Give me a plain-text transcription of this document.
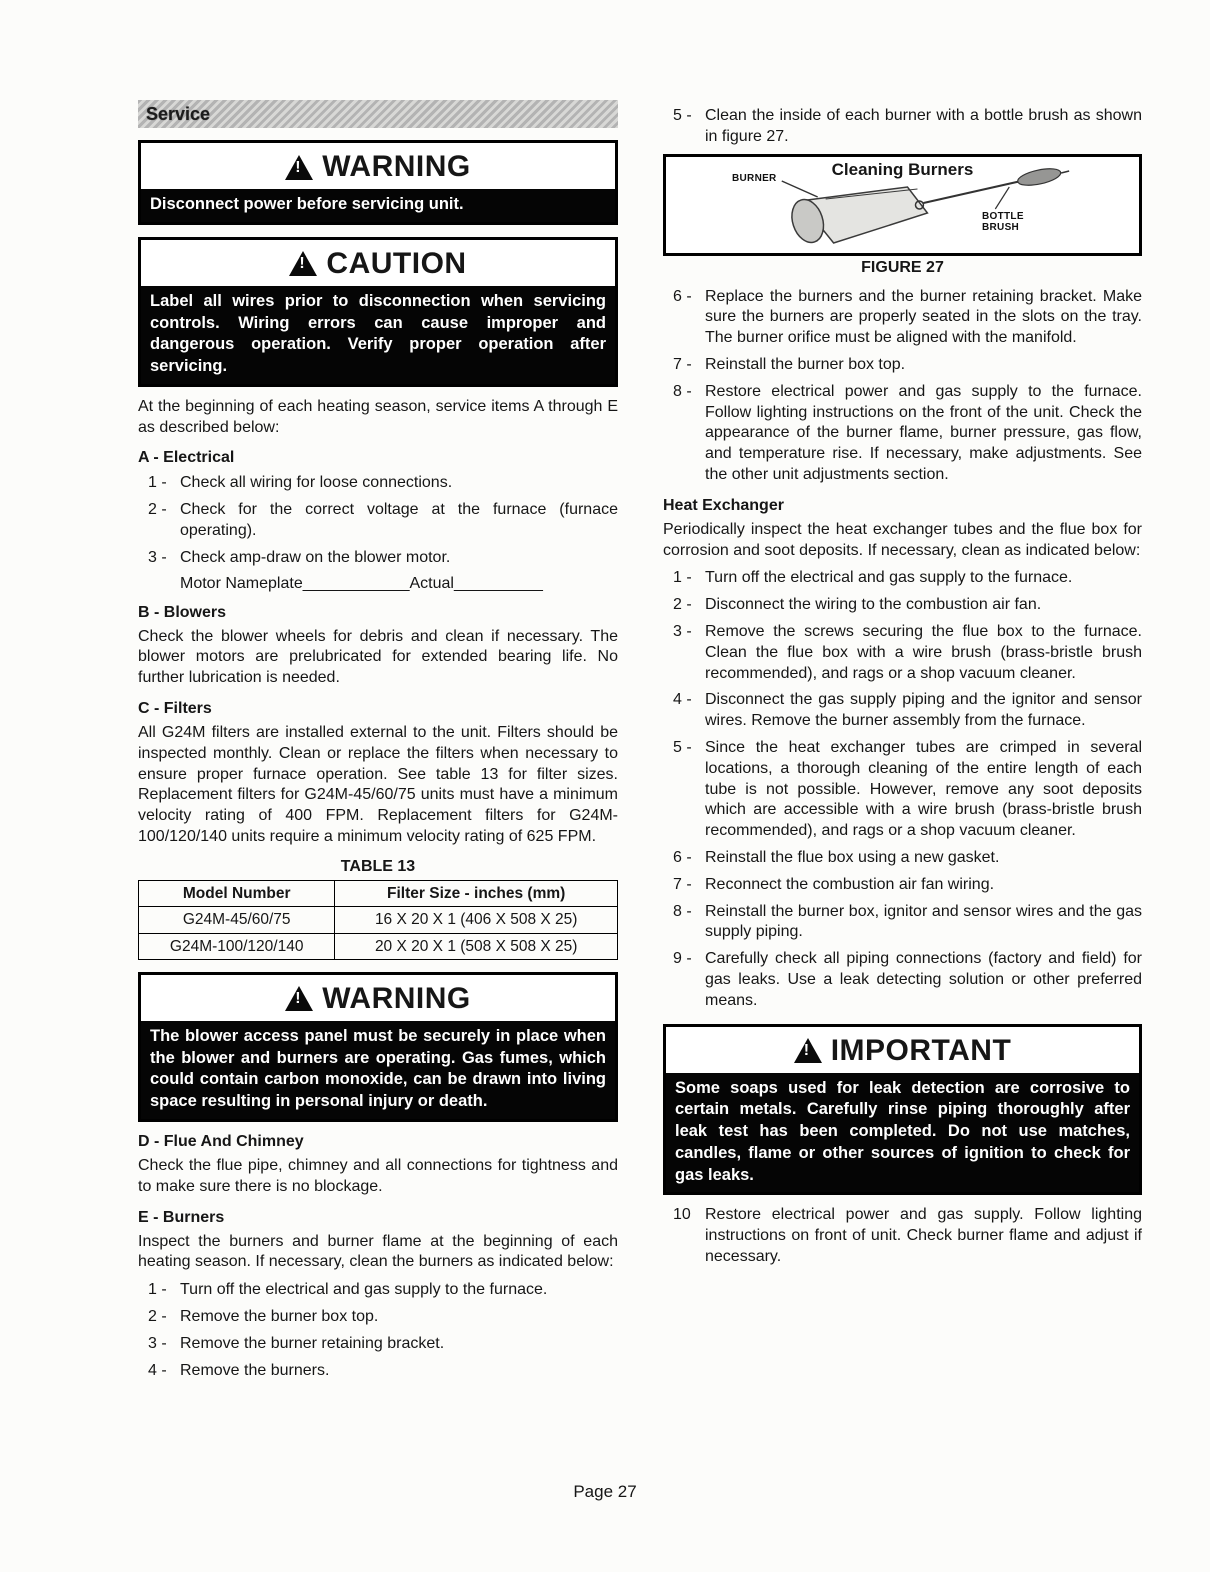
Service
!
WARNING
Disconnect power before servicing unit.
!
CAUTION
Label all wires prior to disconnection when servicing controls. Wiring errors can cause improper and dangerous operation. Verify proper operation after servicing.

At the beginning of each heating season, service items A through E as described below:

A - Electrical
1 - Check all wiring for loose connections.
2 - Check for the correct voltage at the furnace (furnace operating).
3 - Check amp-draw on the blower motor.
Motor Nameplate____________Actual__________
B - Blowers

Check the blower wheels for debris and clean if necessary. The blower motors are prelubricated for extended bearing life. No further lubrication is needed.

C - Filters

All G24M filters are installed external to the unit. Filters should be inspected monthly. Clean or replace the filters when necessary to ensure proper furnace operation. See table 13 for filter sizes. Replacement filters for G24M-45/60/75 units must have a minimum velocity rating of 400 FPM. Replacement filters for G24M-100/120/140 units require a minimum velocity rating of 625 FPM.

TABLE 13
Model Number	Filter Size - inches (mm)
G24M-45/60/75	16 X 20 X 1 (406 X 508 X 25)
G24M-100/120/140	20 X 20 X 1 (508 X 508 X 25)
!
WARNING
The blower access panel must be securely in place when the blower and burners are operating. Gas fumes, which could contain carbon monoxide, can be drawn into living space resulting in personal injury or death.
D - Flue And Chimney

Check the flue pipe, chimney and all connections for tightness and to make sure there is no blockage.

E - Burners

Inspect the burners and burner flame at the beginning of each heating season. If necessary, clean the burners as indicated below:

1 - Turn off the electrical and gas supply to the furnace.
2 - Remove the burner box top.
3 - Remove the burner retaining bracket.
4 - Remove the burners.
5 - Clean the inside of each burner with a bottle brush as shown in figure 27.
Cleaning Burners
BURNER
BOTTLE BRUSH
FIGURE 27
6 - Replace the burners and the burner retaining bracket. Make sure the burners are properly seated in the slots on the tray. The burner orifice must be aligned with the manifold.
7 - Reinstall the burner box top.
8 - Restore electrical power and gas supply to the furnace. Follow lighting instructions on the front of the unit. Check the appearance of the burner flame, burner pressure, gas flow, and temperature rise. If necessary, make adjustments. See the other unit adjustments section.
Heat Exchanger

Periodically inspect the heat exchanger tubes and the flue box for corrosion and soot deposits. If necessary, clean as indicated below:

1 - Turn off the electrical and gas supply to the furnace.
2 - Disconnect the wiring to the combustion air fan.
3 - Remove the screws securing the flue box to the furnace. Clean the flue box with a wire brush (brass-bristle brush recommended), and rags or a shop vacuum cleaner.
4 - Disconnect the gas supply piping and the ignitor and sensor wires. Remove the burner assembly from the furnace.
5 - Since the heat exchanger tubes are crimped in several locations, a thorough cleaning of the entire length of each tube is not possible. However, remove any soot deposits which are accessible with a wire brush (brass-bristle brush recommended), and rags or a shop vacuum cleaner.
6 - Reinstall the flue box using a new gasket.
7 - Reconnect the combustion air fan wiring.
8 - Reinstall the burner box, ignitor and sensor wires and the gas supply piping.
9 - Carefully check all piping connections (factory and field) for gas leaks. Use a leak detecting solution or other preferred means.
!
IMPORTANT
Some soaps used for leak detection are corrosive to certain metals. Carefully rinse piping thoroughly after leak test has been completed. Do not use matches, candles, flame or other sources of ignition to check for gas leaks.
10 Restore electrical power and gas supply. Follow lighting instructions on front of unit. Check burner flame and adjust if necessary.
Page 27
